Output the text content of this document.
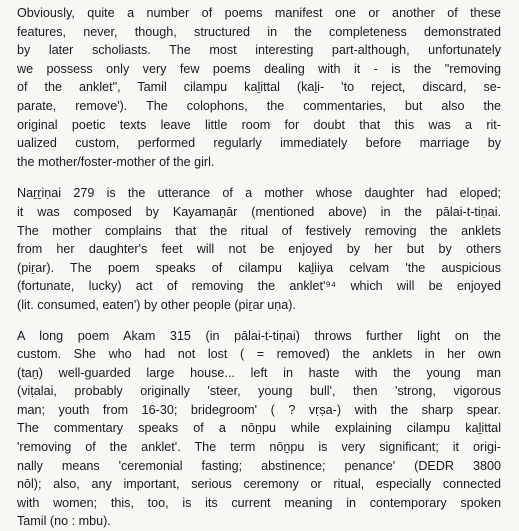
Obviously, quite a number of poems manifest one or another of these
features, never, though, structured in the completeness demonstrated
by later scholiasts. The most interesting part-although, unfortunately
we possess only very few poems dealing with it - is the "removing
of the anklet", Tamil cilampu kaḻittal (kaḻi- 'to reject, discard, se-
parate, remove'). The colophons, the commentaries, but also the
original poetic texts leave little room for doubt that this was a rit-
ualized custom, performed regularly immediately before marriage by
the mother/foster-mother of the girl.
Naṟṟiṇai 279 is the utterance of a mother whose daughter had eloped;
it was composed by Kayamaṉār (mentioned above) in the pālai-t-tiṇai.
The mother complains that the ritual of festively removing the anklets
from her daughter's feet will not be enjoyed by her but by others
(piṟar). The poem speaks of cilampu kaḻiiya celvam 'the auspicious
(fortunate, lucky) act of removing the anklet'⁹⁴ which will be enjoyed
(lit. consumed, eaten') by other people (piṟar uṇa).
A long poem Akam 315 (in pālai-t-tiṇai) throws further light on the
custom. She who had not lost ( = removed) the anklets in her own
(taṉ) well-guarded large house... left in haste with the young man
(viṭalai, probably originally 'steer, young bull', then 'strong, vigorous
man; youth from 16-30; bridegroom' ( ? vṛṣa-) with the sharp spear.
The commentary speaks of a nōṉpu while explaining cilampu kaḻittal
'removing of the anklet'. The term nōṉpu is very significant; it origi-
nally means 'ceremonial fasting; abstinence; penance' (DEDR 3800
nōl); also, any important, serious ceremony or ritual, especially connected
with women; this, too, is its current meaning in contemporary spoken
Tamil (no : mbu).
